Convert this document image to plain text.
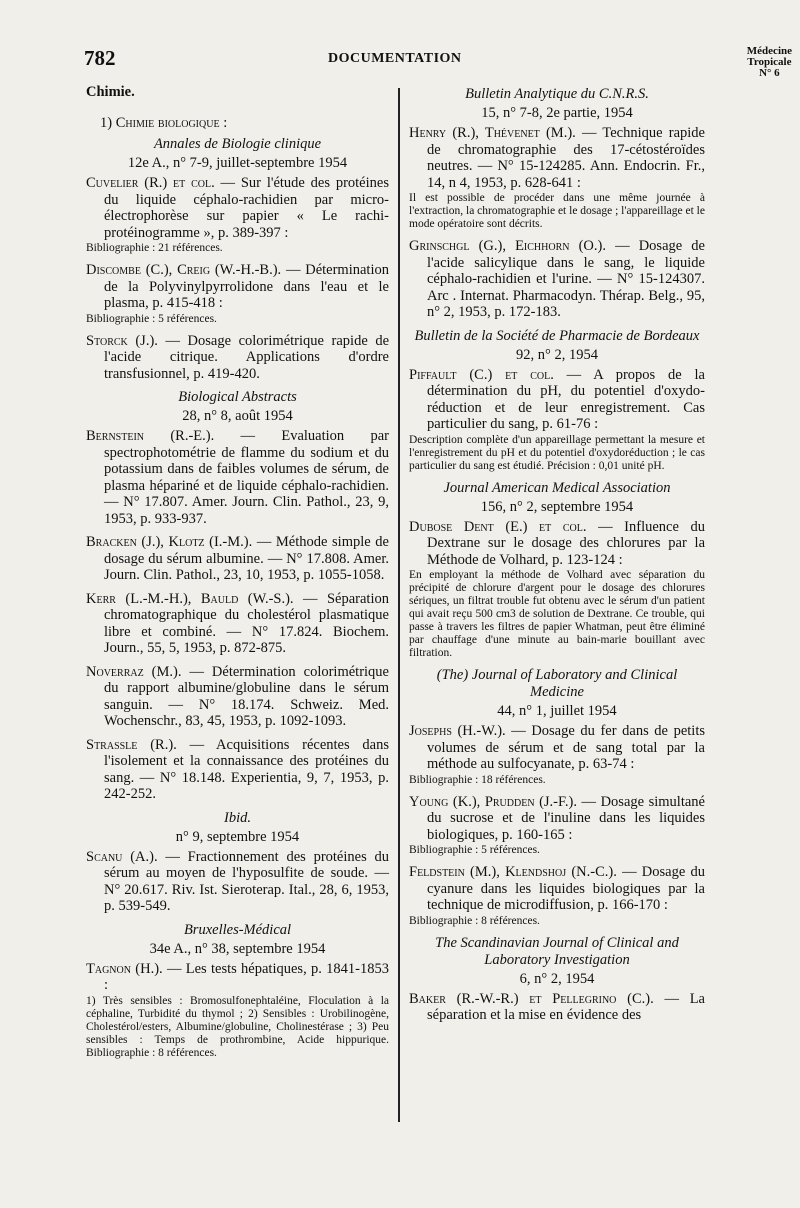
782	DOCUMENTATION	Médecine
Tropicale
N° 6
Chimie.
1) Chimie biologique :
Annales de Biologie clinique
12e A., n° 7-9, juillet-septembre 1954

Cuvelier (R.) et col. — Sur l'étude des protéines du liquide céphalo-rachidien par micro-électrophorèse sur papier « Le rachi-protéinogramme », p. 389-397 :

Bibliographie : 21 références.

Discombe (C.), Creig (W.-H.-B.). — Détermination de la Polyvinylpyrrolidone dans l'eau et le plasma, p. 415-418 :

Bibliographie : 5 références.

Storck (J.). — Dosage colorimétrique rapide de l'acide citrique. Applications d'ordre transfusionnel, p. 419-420.

Biological Abstracts
28, n° 8, août 1954

Bernstein (R.-E.). — Evaluation par spectrophotométrie de flamme du sodium et du potassium dans de faibles volumes de sérum, de plasma hépariné et de liquide céphalo-rachidien. — N° 17.807. Amer. Journ. Clin. Pathol., 23, 9, 1953, p. 933-937.

Bracken (J.), Klotz (I.-M.). — Méthode simple de dosage du sérum albumine. — N° 17.808. Amer. Journ. Clin. Pathol., 23, 10, 1953, p. 1055-1058.

Kerr (L.-M.-H.), Bauld (W.-S.). — Séparation chromatographique du cholestérol plasmatique libre et combiné. — N° 17.824. Biochem. Journ., 55, 5, 1953, p. 872-875.

Noverraz (M.). — Détermination colorimétrique du rapport albumine/globuline dans le sérum sanguin. — N° 18.174. Schweiz. Med. Wochenschr., 83, 45, 1953, p. 1092-1093.

Strassle (R.). — Acquisitions récentes dans l'isolement et la connaissance des protéines du sang. — N° 18.148. Experientia, 9, 7, 1953, p. 242-252.

Ibid.
n° 9, septembre 1954

Scanu (A.). — Fractionnement des protéines du sérum au moyen de l'hyposulfite de soude. — N° 20.617. Riv. Ist. Sieroterap. Ital., 28, 6, 1953, p. 539-549.

Bruxelles-Médical
34e A., n° 38, septembre 1954

Tagnon (H.). — Les tests hépatiques, p. 1841-1853 :

1) Très sensibles : Bromosulfonephtaléine, Floculation à la céphaline, Turbidité du thymol ; 2) Sensibles : Urobilinogène, Cholestérol/esters, Albumine/globuline, Cholinestérase ; 3) Peu sensibles : Temps de prothrombine, Acide hippurique. Bibliographie : 8 références.
Bulletin Analytique du C.N.R.S.
15, n° 7-8, 2e partie, 1954

Henry (R.), Thévenet (M.). — Technique rapide de chromatographie des 17-cétostéroïdes neutres. — N° 15-124285. Ann. Endocrin. Fr., 14, n 4, 1953, p. 628-641 :

Il est possible de procéder dans une même journée à l'extraction, la chromatographie et le dosage ; l'appareillage et le mode opératoire sont décrits.

Grinschgl (G.), Eichhorn (O.). — Dosage de l'acide salicylique dans le sang, le liquide céphalo-rachidien et l'urine. — N° 15-124307. Arc . Internat. Pharmacodyn. Thérap. Belg., 95, n° 2, 1953, p. 172-183.

Bulletin de la Société de Pharmacie de Bordeaux
92, n° 2, 1954

Piffault (C.) et col. — A propos de la détermination du pH, du potentiel d'oxydo-réduction et de leur enregistrement. Cas particulier du sang, p. 61-76 :

Description complète d'un appareillage permettant la mesure et l'enregistrement du pH et du potentiel d'oxydoréduction ; le cas particulier du sang est étudié. Précision : 0,01 unité pH.
Journal American Medical Association
156, n° 2, septembre 1954

Dubose Dent (E.) et col. — Influence du Dextrane sur le dosage des chlorures par la Méthode de Volhard, p. 123-124 :

En employant la méthode de Volhard avec séparation du précipité de chlorure d'argent pour le dosage des chlorures sériques, un filtrat trouble fut obtenu avec le sérum d'un patient qui avait reçu 500 cm3 de solution de Dextrane. Ce trouble, qui passe à travers les filtres de papier Whatman, peut être éliminé par chauffage d'une minute au bain-marie bouillant avec filtration.
(The) Journal of Laboratory and Clinical Medicine
44, n° 1, juillet 1954

Josephs (H.-W.). — Dosage du fer dans de petits volumes de sérum et de sang total par la méthode au sulfocyanate, p. 63-74 :

Bibliographie : 18 références.

Young (K.), Prudden (J.-F.). — Dosage simultané du sucrose et de l'inuline dans les liquides biologiques, p. 160-165 :

Bibliographie : 5 références.

Feldstein (M.), Klendshoj (N.-C.). — Dosage du cyanure dans les liquides biologiques par la technique de microdiffusion, p. 166-170 :

Bibliographie : 8 références.
The Scandinavian Journal of Clinical and Laboratory Investigation
6, n° 2, 1954

Baker (R.-W.-R.) et Pellegrino (C.). — La séparation et la mise en évidence des
